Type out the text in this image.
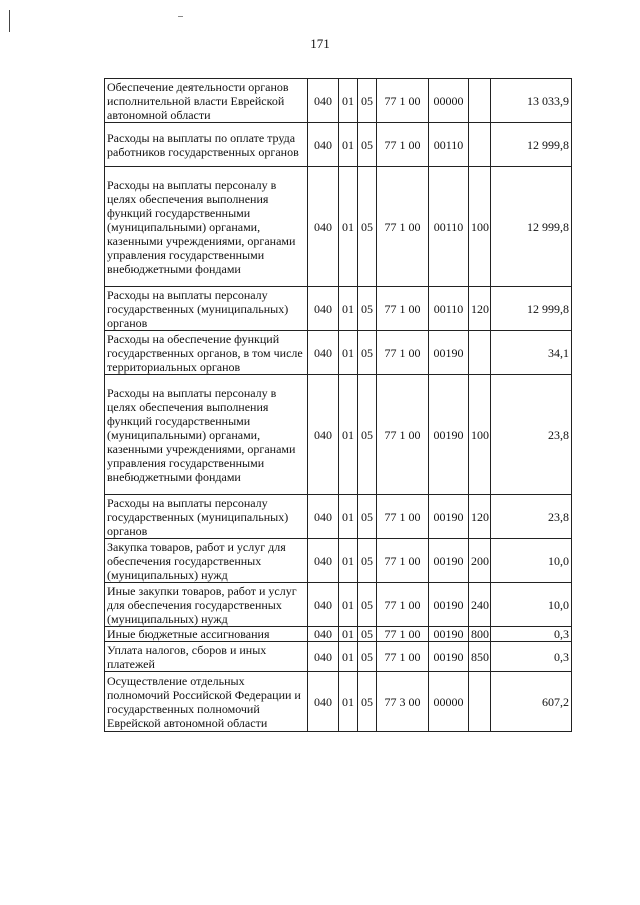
171
Обеспечение деятельности органов исполнительной власти Еврейской автономной области	040	01	05	77 1 00	00000		13 033,9
Расходы на выплаты по оплате труда работников государственных органов	040	01	05	77 1 00	00110		12 999,8
Расходы на выплаты персоналу в целях обеспечения выполнения функций государственными (муниципальными) органами, казенными учреждениями, органами управления государственными внебюджетными фондами	040	01	05	77 1 00	00110	100	12 999,8
Расходы на выплаты персоналу государственных (муниципальных) органов	040	01	05	77 1 00	00110	120	12 999,8
Расходы на обеспечение функций государственных органов, в том числе территориальных органов	040	01	05	77 1 00	00190		34,1
Расходы на выплаты персоналу в целях обеспечения выполнения функций государственными (муниципальными) органами, казенными учреждениями, органами управления государственными внебюджетными фондами	040	01	05	77 1 00	00190	100	23,8
Расходы на выплаты персоналу государственных (муниципальных) органов	040	01	05	77 1 00	00190	120	23,8
Закупка товаров, работ и услуг для обеспечения государственных (муниципальных) нужд	040	01	05	77 1 00	00190	200	10,0
Иные закупки товаров, работ и услуг для обеспечения государственных (муниципальных) нужд	040	01	05	77 1 00	00190	240	10,0
Иные бюджетные ассигнования	040	01	05	77 1 00	00190	800	0,3
Уплата налогов, сборов и иных платежей	040	01	05	77 1 00	00190	850	0,3
Осуществление отдельных полномочий Российской Федерации и государственных полномочий Еврейской автономной области	040	01	05	77 3 00	00000		607,2
